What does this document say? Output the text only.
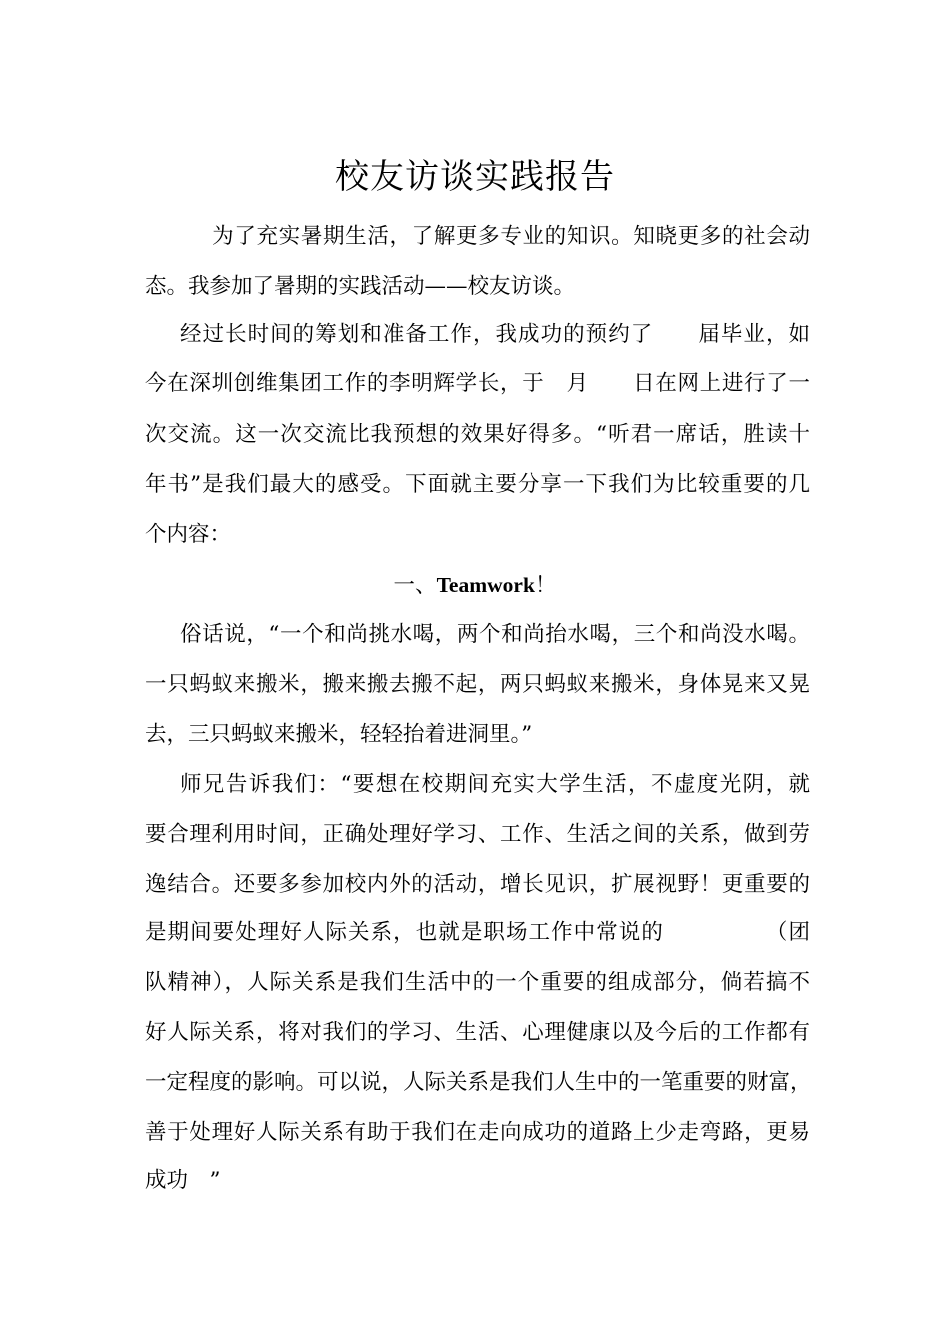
校友访谈实践报告
　为了充实暑期生活，了解更多专业的知识。知晓更多的社会动
态。我参加了暑期的实践活动——校友访谈。
经过长时间的筹划和准备工作，我成功的预约了　　届毕业，如
今在深圳创维集团工作的李明辉学长，于　月　　日在网上进行了一
次交流。这一次交流比我预想的效果好得多。“听君一席话，胜读十
年书”是我们最大的感受。下面就主要分享一下我们为比较重要的几
个内容：
一、Teamwork！
俗话说，“一个和尚挑水喝，两个和尚抬水喝，三个和尚没水喝。
一只蚂蚁来搬米，搬来搬去搬不起，两只蚂蚁来搬米，身体晃来又晃
去，三只蚂蚁来搬米，轻轻抬着进洞里。”
师兄告诉我们：“要想在校期间充实大学生活，不虚度光阴，就
要合理利用时间，正确处理好学习、工作、生活之间的关系，做到劳
逸结合。还要多参加校内外的活动，增长见识，扩展视野！更重要的
是期间要处理好人际关系，也就是职场工作中常说的　　　　　（团
队精神），人际关系是我们生活中的一个重要的组成部分，倘若搞不
好人际关系，将对我们的学习、生活、心理健康以及今后的工作都有
一定程度的影响。可以说，人际关系是我们人生中的一笔重要的财富，
善于处理好人际关系有助于我们在走向成功的道路上少走弯路，更易
成功　”
